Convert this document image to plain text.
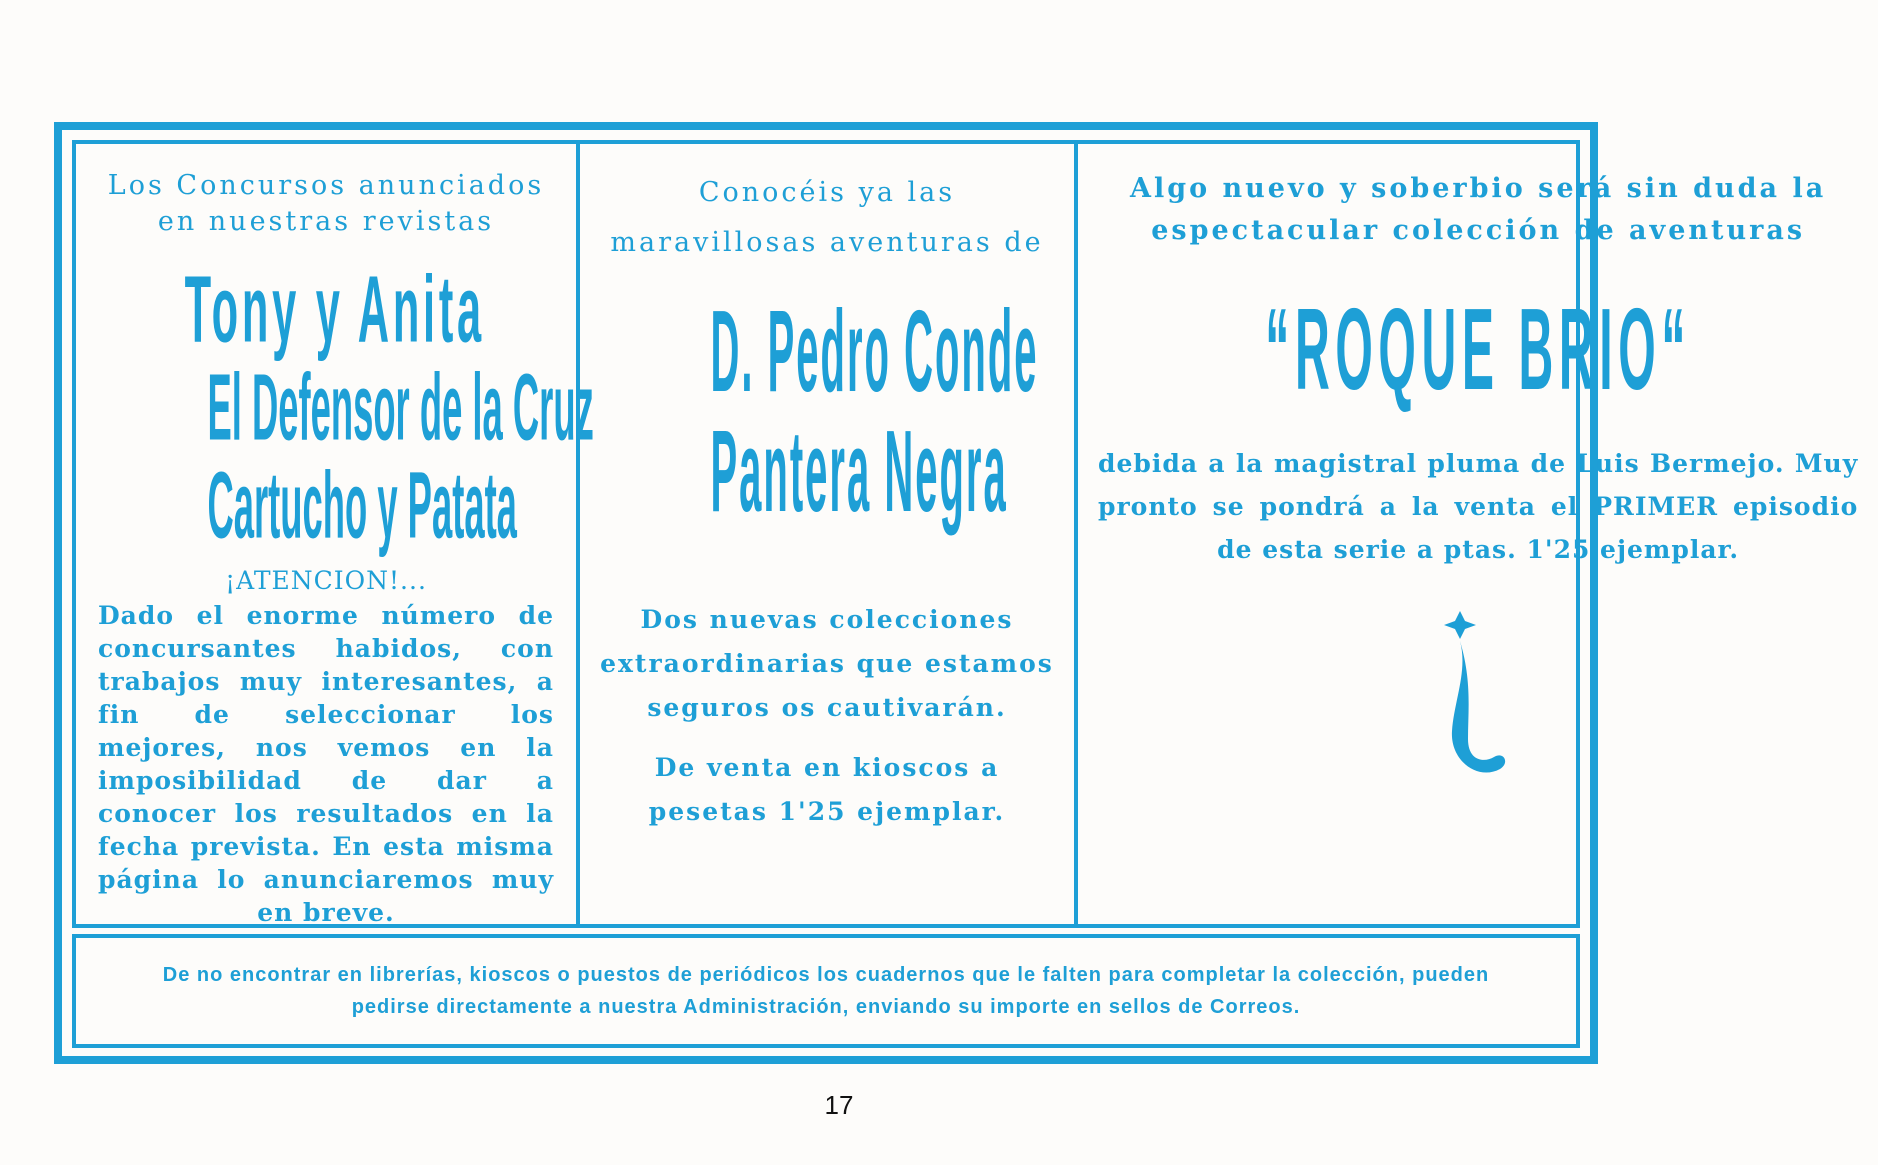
Los Concursos anunciados en nuestras revistas

Tony y Anita
El Defensor de la Cruz
Cartucho y Patata

¡ATENCION!...

Dado el enorme número de concursantes habidos, con trabajos muy interesantes, a fin de seleccionar los mejores, nos vemos en la imposibilidad de dar a conocer los resultados en la fecha prevista. En esta misma página lo anunciaremos muy en breve.

Conocéis ya las maravillosas aventuras de

D. Pedro Conde
Pantera Negra

Dos nuevas colecciones extraordinarias que estamos seguros os cautivarán.

De venta en kioscos a pesetas 1'25 ejemplar.

Algo nuevo y soberbio será sin duda la espectacular colección de aventuras

“ROQUE BRIO“

debida a la magistral pluma de Luis Bermejo. Muy pronto se pondrá a la venta el PRIMER episodio de esta serie a ptas. 1'25 ejemplar.

De no encontrar en librerías, kioscos o puestos de periódicos los cuadernos que le falten para completar la colección, pueden pedirse directamente a nuestra Administración, enviando su importe en sellos de Correos.
17
